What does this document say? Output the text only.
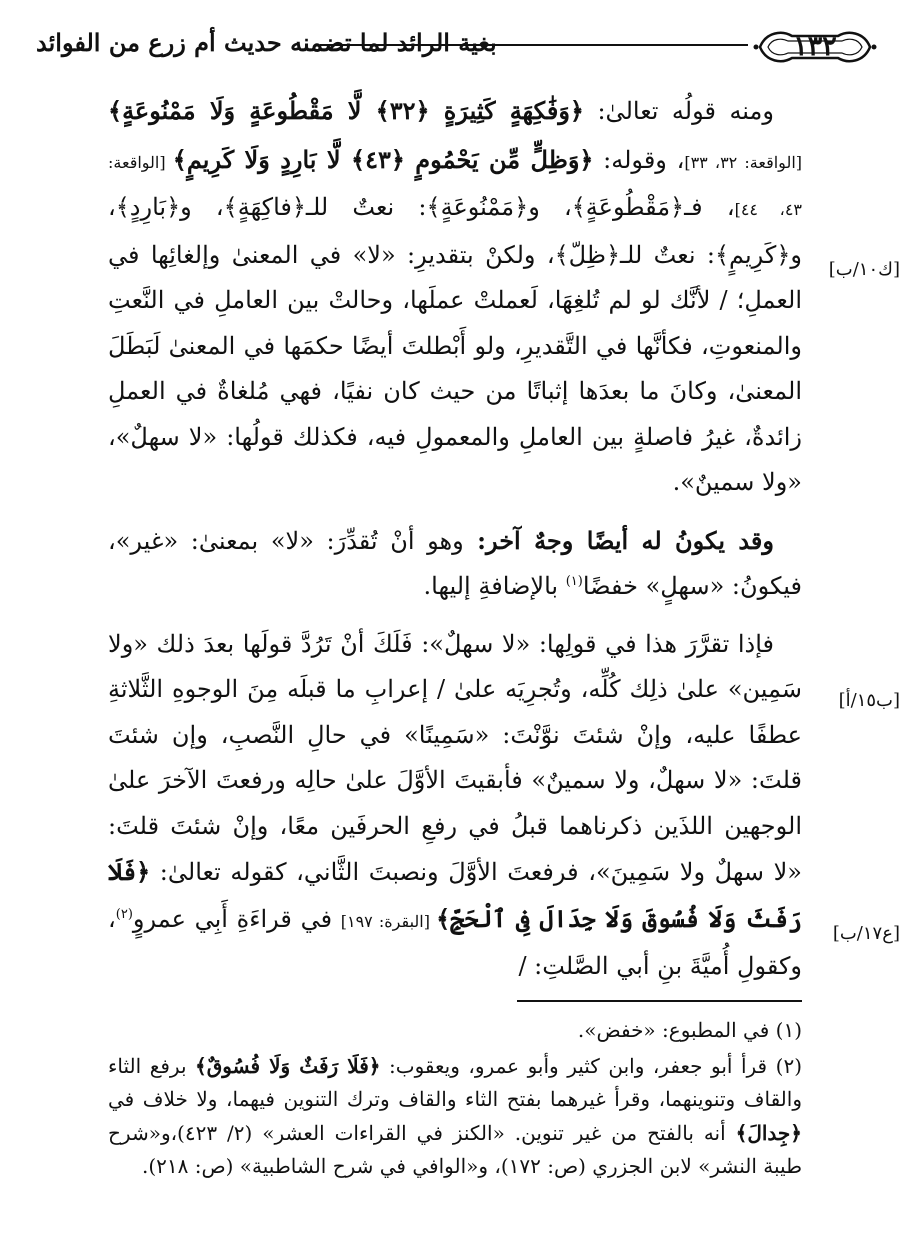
١٣٢
بغية الرائد لما تضمنه حديث أم زرع من الفوائد
[ك١٠/ب]
[ب١٥/أ]
[ع١٧/ب]

ومنه قولُه تعالىٰ: ﴿وَفَٰكِهَةٍ كَثِيرَةٍ ﴿٣٢﴾ لَّا مَقْطُوعَةٍ وَلَا مَمْنُوعَةٍ﴾ [الواقعة: ٣٢، ٣٣]، وقوله: ﴿وَظِلٍّ مِّن يَحْمُومٍ ﴿٤٣﴾ لَّا بَارِدٍ وَلَا كَرِيمٍ﴾ [الواقعة: ٤٣، ٤٤]، فـ﴿مَقْطُوعَةٍ﴾، و﴿مَمْنُوعَةٍ﴾: نعتٌ للـ﴿فاكِهَةٍ﴾، و﴿بَارِدٍ﴾، و﴿كَرِيمٍ﴾: نعتٌ للـ﴿ظِلّ﴾، ولكنْ بتقديرِ: «لا» في المعنىٰ وإلغائِها في العملِ؛ / لأنَّك لو لم تُلغِهَا، لَعملتْ عملَها، وحالتْ بين العاملِ في النَّعتِ والمنعوتِ، فكأنَّها في التَّقديرِ، ولو أَبْطلتَ أيضًا حكمَها في المعنىٰ لَبَطَلَ المعنىٰ، وكانَ ما بعدَها إثباتًا من حيث كان نفيًا، فهي مُلغاةٌ في العملِ زائدةٌ، غيرُ فاصلةٍ بين العاملِ والمعمولِ فيه، فكذلك قولُها: «لا سهلٌ»، «ولا سمينٌ».

وقد يكونُ له أيضًا وجهٌ آخر: وهو أنْ تُقدِّرَ: «لا» بمعنىٰ: «غير»، فيكونُ: «سهلٍ» خفضًا$^{(١)}$ بالإضافةِ إليها.

فإذا تقرَّرَ هذا في قولِها: «لا سهلٌ»: فَلَكَ أنْ تَرُدَّ قولَها بعدَ ذلك «ولا سَمِين» علىٰ ذلِك كُلِّه، وتُجرِيَه علىٰ / إعرابِ ما قبلَه مِنَ الوجوهِ الثَّلاثةِ عطفًا عليه، وإنْ شئتَ نوَّنْتَ: «سَمِينًا» في حالِ النَّصبِ، وإن شئتَ قلتَ: «لا سهلٌ، ولا سمينٌ» فأبقيتَ الأوَّلَ علىٰ حالِه ورفعتَ الآخرَ علىٰ الوجهين اللذَين ذكرناهما قبلُ في رفعِ الحرفَين معًا، وإنْ شئتَ قلتَ: «لا سهلٌ ولا سَمِينَ»، فرفعتَ الأوَّلَ ونصبتَ الثَّاني، كقوله تعالىٰ: ﴿فَلَا رَفَثَ وَلَا فُسُوقَ وَلَا جِدَالَ فِى ٱلْحَجِّ﴾ [البقرة: ١٩٧] في قراءَةِ أَبِي عمروٍ$^{(٢)}$، وكقولِ أُميَّةَ بنِ أبي الصَّلتِ: /

(١) في المطبوع: «خفض».

(٢) قرأ أبو جعفر، وابن كثير وأبو عمرو، ويعقوب: ﴿فَلَا رَفَثٌ وَلَا فُسُوقٌ﴾ برفع الثاء والقاف وتنوينهما، وقرأ غيرهما بفتح الثاء والقاف وترك التنوين فيهما، ولا خلاف في ﴿جِدالَ﴾ أنه بالفتح من غير تنوين. «الكنز في القراءات العشر» (٢/ ٤٢٣)،و«شرح طيبة النشر» لابن الجزري (ص: ١٧٢)، و«الوافي في شرح الشاطبية» (ص: ٢١٨).
